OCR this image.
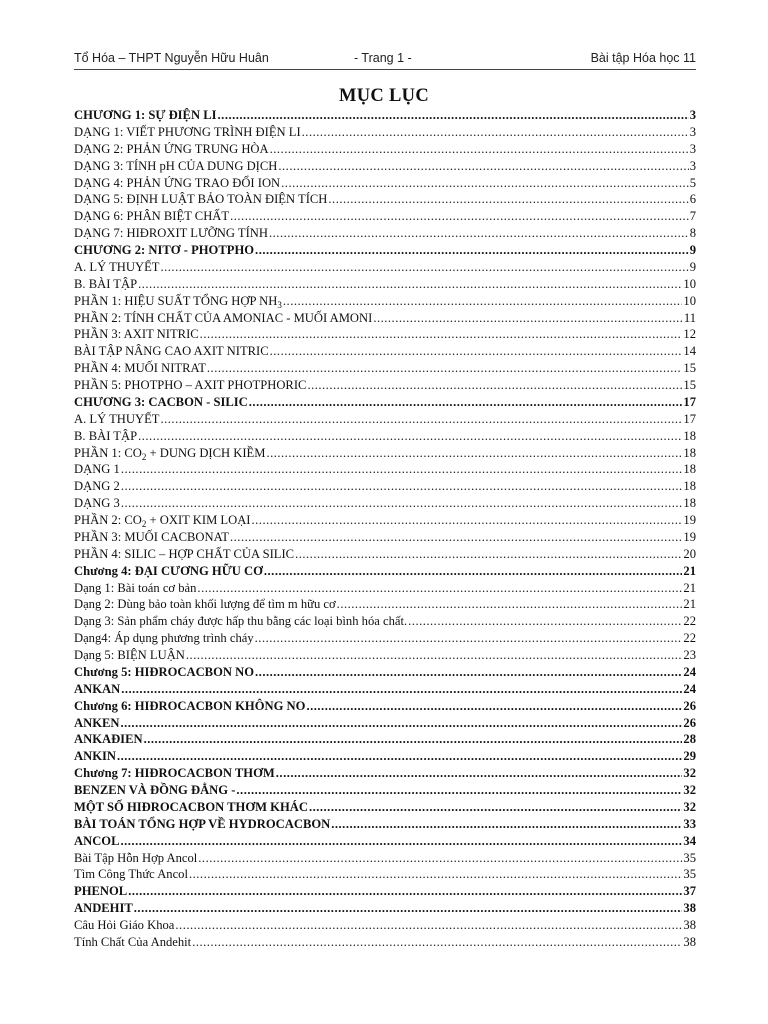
Tổ Hóa – THPT Nguyễn Hữu Huân	- Trang 1 -	Bài tập Hóa học 11
MỤC LỤC
CHƯƠNG 1: SỰ ĐIỆN LI .....	3
DẠNG 1: VIẾT PHƯƠNG TRÌNH ĐIỆN LI .....	3
DẠNG 2: PHẢN ỨNG TRUNG HÒA .....	3
DẠNG 3: TÍNH pH CỦA DUNG DỊCH .....	3
DẠNG 4: PHẢN ỨNG TRAO ĐỔI ION .....	5
DẠNG 5: ĐỊNH LUẬT BẢO TOÀN ĐIỆN TÍCH .....	6
DẠNG 6: PHÂN BIỆT CHẤT .....	7
DẠNG 7: HIĐROXIT LƯỠNG TÍNH .....	8
CHƯƠNG 2: NITƠ - PHOTPHO .....	9
A. LÝ THUYẾT .....	9
B. BÀI TẬP .....	10
PHẦN 1: HIỆU SUẤT TỔNG HỢP $NH_3$ .....	10
PHẦN 2: TÍNH CHẤT CỦA AMONIAC - MUỐI AMONI .....	11
PHẦN 3: AXIT NITRIC .....	12
BÀI TẬP NÂNG CAO AXIT NITRIC .....	14
PHẦN 4: MUỐI NITRAT .....	15
PHẦN 5: PHOTPHO – AXIT PHOTPHORIC .....	15
CHƯƠNG 3: CACBON - SILIC .....	17
A. LÝ THUYẾT .....	17
B. BÀI TẬP .....	18
PHẦN 1: $CO_2$ + DUNG DỊCH KIỀM .....	18
DẠNG 1 .....	18
DẠNG 2 .....	18
DẠNG 3 .....	18
PHẦN 2: $CO_2$ + OXIT KIM LOẠI .....	19
PHẦN 3: MUỐI CACBONAT .....	19
PHẦN 4: SILIC – HỢP CHẤT CỦA SILIC .....	20
Chương 4: ĐẠI CƯƠNG HỮU CƠ .....	21
Dạng 1: Bài toán cơ bản .....	21
Dạng 2: Dùng bảo toàn khối lượng để tìm m hữu cơ .....	21
Dạng 3: Sản phẩm cháy được hấp thu bằng các loại bình hóa chất. .....	22
Dạng4: Áp dụng phương trình cháy .....	22
Dạng 5: BIỆN LUẬN .....	23
Chương 5: HIĐROCACBON NO .....	24
ANKAN .....	24
Chương 6: HIĐROCACBON KHÔNG NO .....	26
ANKEN .....	26
ANKAĐIEN .....	28
ANKIN .....	29
Chương 7: HIĐROCACBON THƠM .....	32
BENZEN VÀ ĐỒNG ĐẲNG - .....	32
MỘT SỐ HIĐROCACBON THƠM KHÁC .....	32
BÀI TOÁN TỔNG HỢP VỀ HYDROCACBON .....	33
ANCOL .....	34
Bài Tập Hỗn Hợp Ancol .....	35
Tìm Công Thức Ancol .....	35
PHENOL .....	37
ANDEHIT .....	38
Câu Hỏi Giáo Khoa .....	38
Tính Chất Của Andehit .....	38
